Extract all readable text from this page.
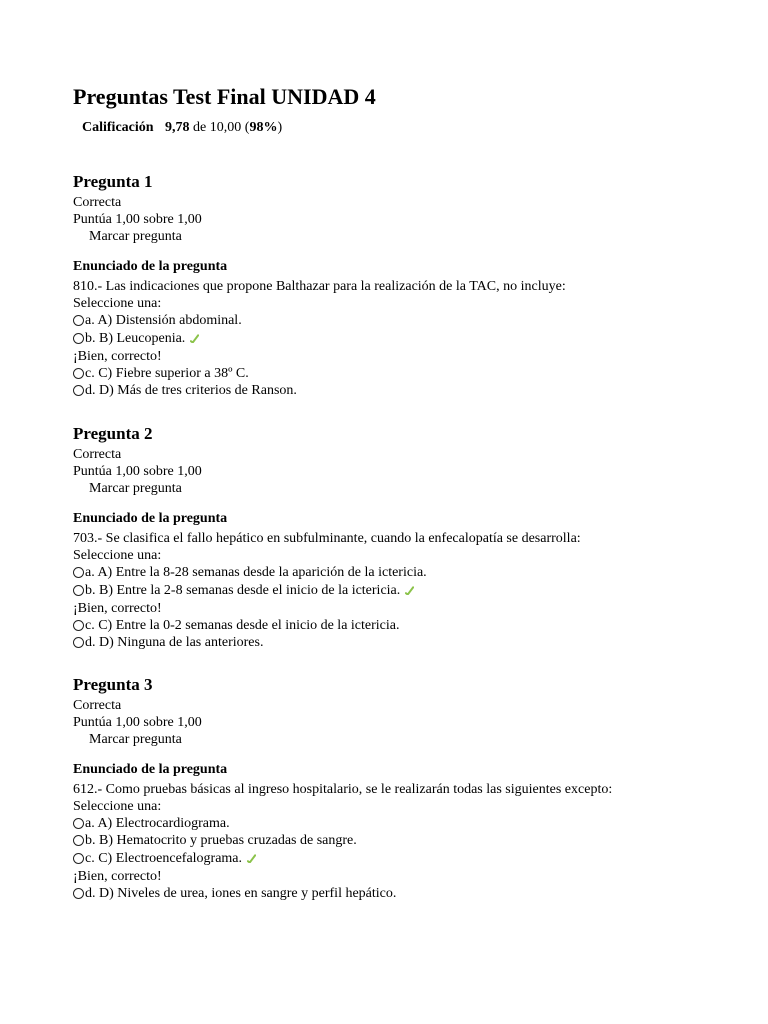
Preguntas Test Final UNIDAD 4
Calificación 9,78 de 10,00 (98%)
Pregunta 1
Correcta
Puntúa 1,00 sobre 1,00
Marcar pregunta
Enunciado de la pregunta
810.- Las indicaciones que propone Balthazar para la realización de la TAC, no incluye:
Seleccione una:
a. A) Distensión abdominal.
b. B) Leucopenia.
¡Bien, correcto!
c. C) Fiebre superior a 38º C.
d. D) Más de tres criterios de Ranson.
Pregunta 2
Correcta
Puntúa 1,00 sobre 1,00
Marcar pregunta
Enunciado de la pregunta
703.- Se clasifica el fallo hepático en subfulminante, cuando la enfecalopatía se desarrolla:
Seleccione una:
a. A) Entre la 8-28 semanas desde la aparición de la ictericia.
b. B) Entre la 2-8 semanas desde el inicio de la ictericia.
¡Bien, correcto!
c. C) Entre la 0-2 semanas desde el inicio de la ictericia.
d. D) Ninguna de las anteriores.
Pregunta 3
Correcta
Puntúa 1,00 sobre 1,00
Marcar pregunta
Enunciado de la pregunta
612.- Como pruebas básicas al ingreso hospitalario, se le realizarán todas las siguientes excepto:
Seleccione una:
a. A) Electrocardiograma.
b. B) Hematocrito y pruebas cruzadas de sangre.
c. C) Electroencefalograma.
¡Bien, correcto!
d. D) Niveles de urea, iones en sangre y perfil hepático.
